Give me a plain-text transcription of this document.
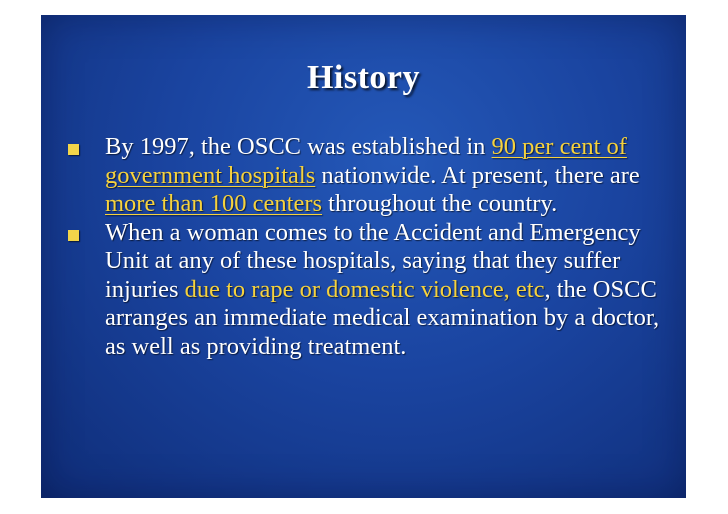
History
By 1997, the OSCC was established in 90 per cent of government hospitals nationwide. At present, there are more than 100 centers throughout the country.
When a woman comes to the Accident and Emergency Unit at any of these hospitals, saying that they suffer injuries due to rape or domestic violence, etc, the OSCC arranges an immediate medical examination by a doctor, as well as providing treatment.
